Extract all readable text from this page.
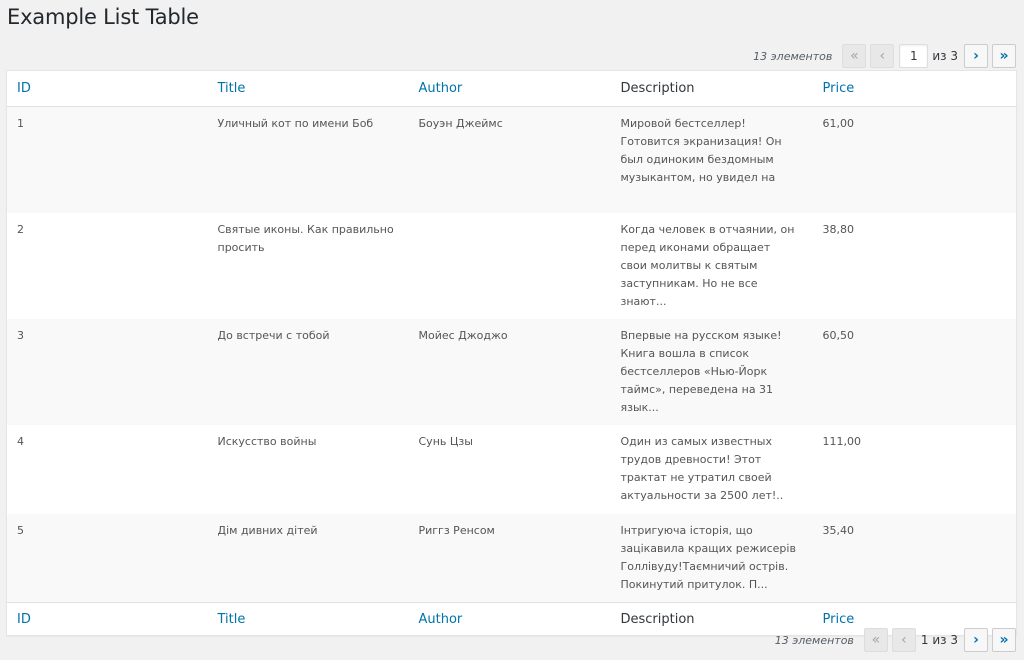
Example List Table
13 элементов	«	‹
1	из 3	›	»
ID	Title	Author	Description	Price
1	Уличный кот по имени Боб	Боуэн Джеймс	Мировой бестселлер!Готовится экранизация! Он был одиноким бездомным музыкантом, но увидел на	61,00
2	Святые иконы. Как правильно просить		Когда человек в отчаянии, он перед иконами обращает свои молитвы к святым заступникам. Но не все знают...	38,80
3	До встречи с тобой	Мойес Джоджо	Впервые на русском языке! Книга вошла в список бестселлеров «Нью-Йорк таймс», переведена на 31 язык...	60,50
4	Искусство войны	Сунь Цзы	Один из самых известных трудов древности! Этот трактат не утратил своей актуальности за 2500 лет!..	111,00
5	Дім дивних дітей	Риггз Ренсом	Інтригуюча історія, що зацікавила кращих режисерів Голлівуду!Таємничий острів. Покинутий притулок. П...	35,40
ID	Title	Author	Description	Price
13 элементов	«	‹	1 из 3	›	»
